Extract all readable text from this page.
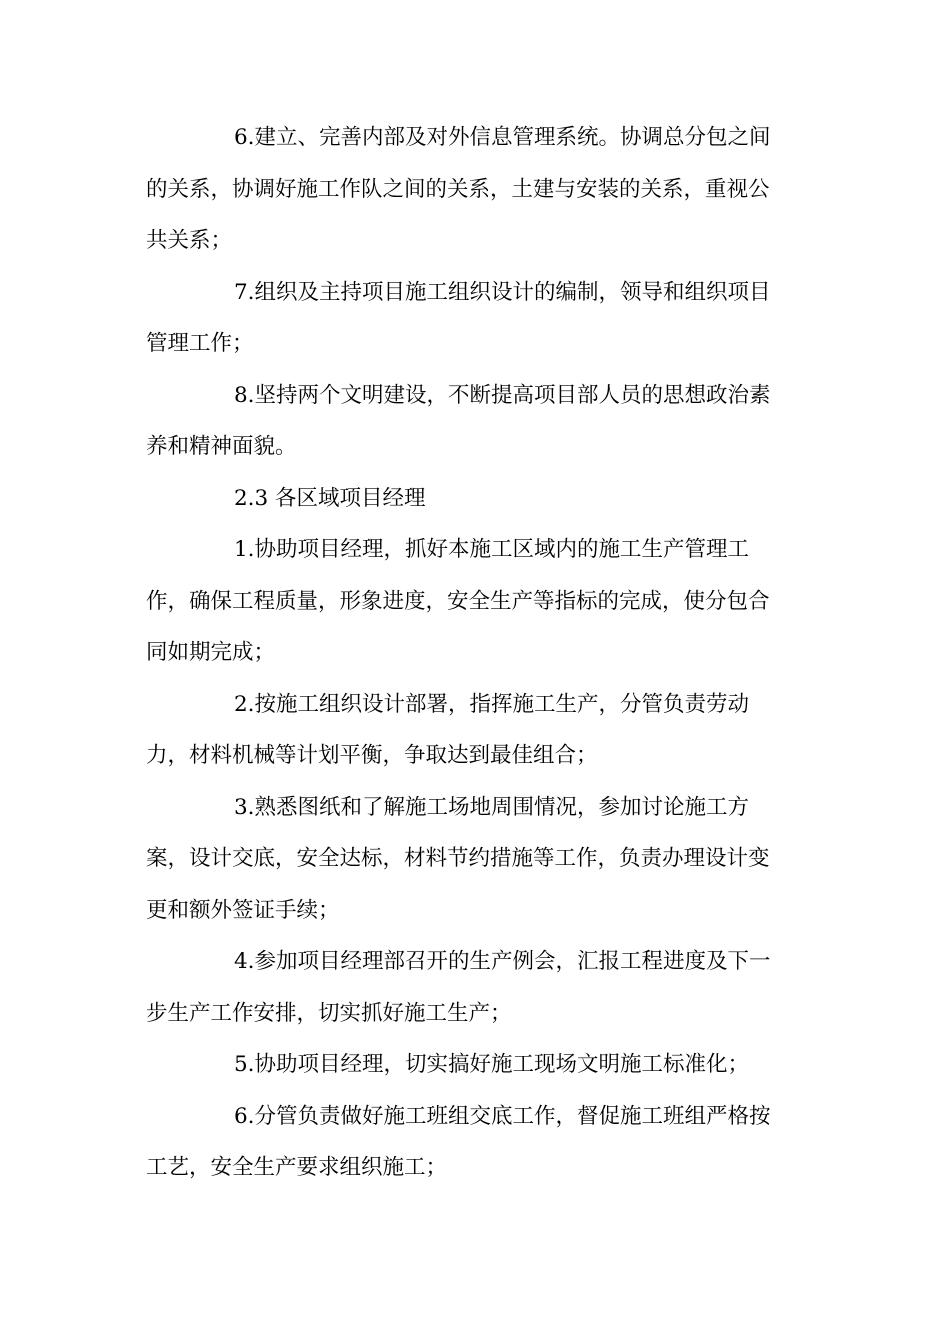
6.建立、完善内部及对外信息管理系统。协调总分包之间
的关系，协调好施工作队之间的关系，土建与安装的关系，重视公
共关系；
7.组织及主持项目施工组织设计的编制，领导和组织项目
管理工作；
8.坚持两个文明建设，不断提高项目部人员的思想政治素
养和精神面貌。
2.3 各区域项目经理
1.协助项目经理，抓好本施工区域内的施工生产管理工
作，确保工程质量，形象进度，安全生产等指标的完成，使分包合
同如期完成；
2.按施工组织设计部署，指挥施工生产，分管负责劳动
力，材料机械等计划平衡，争取达到最佳组合；
3.熟悉图纸和了解施工场地周围情况，参加讨论施工方
案，设计交底，安全达标，材料节约措施等工作，负责办理设计变
更和额外签证手续；
4.参加项目经理部召开的生产例会，汇报工程进度及下一
步生产工作安排，切实抓好施工生产；
5.协助项目经理，切实搞好施工现场文明施工标准化；
6.分管负责做好施工班组交底工作，督促施工班组严格按
工艺，安全生产要求组织施工；
